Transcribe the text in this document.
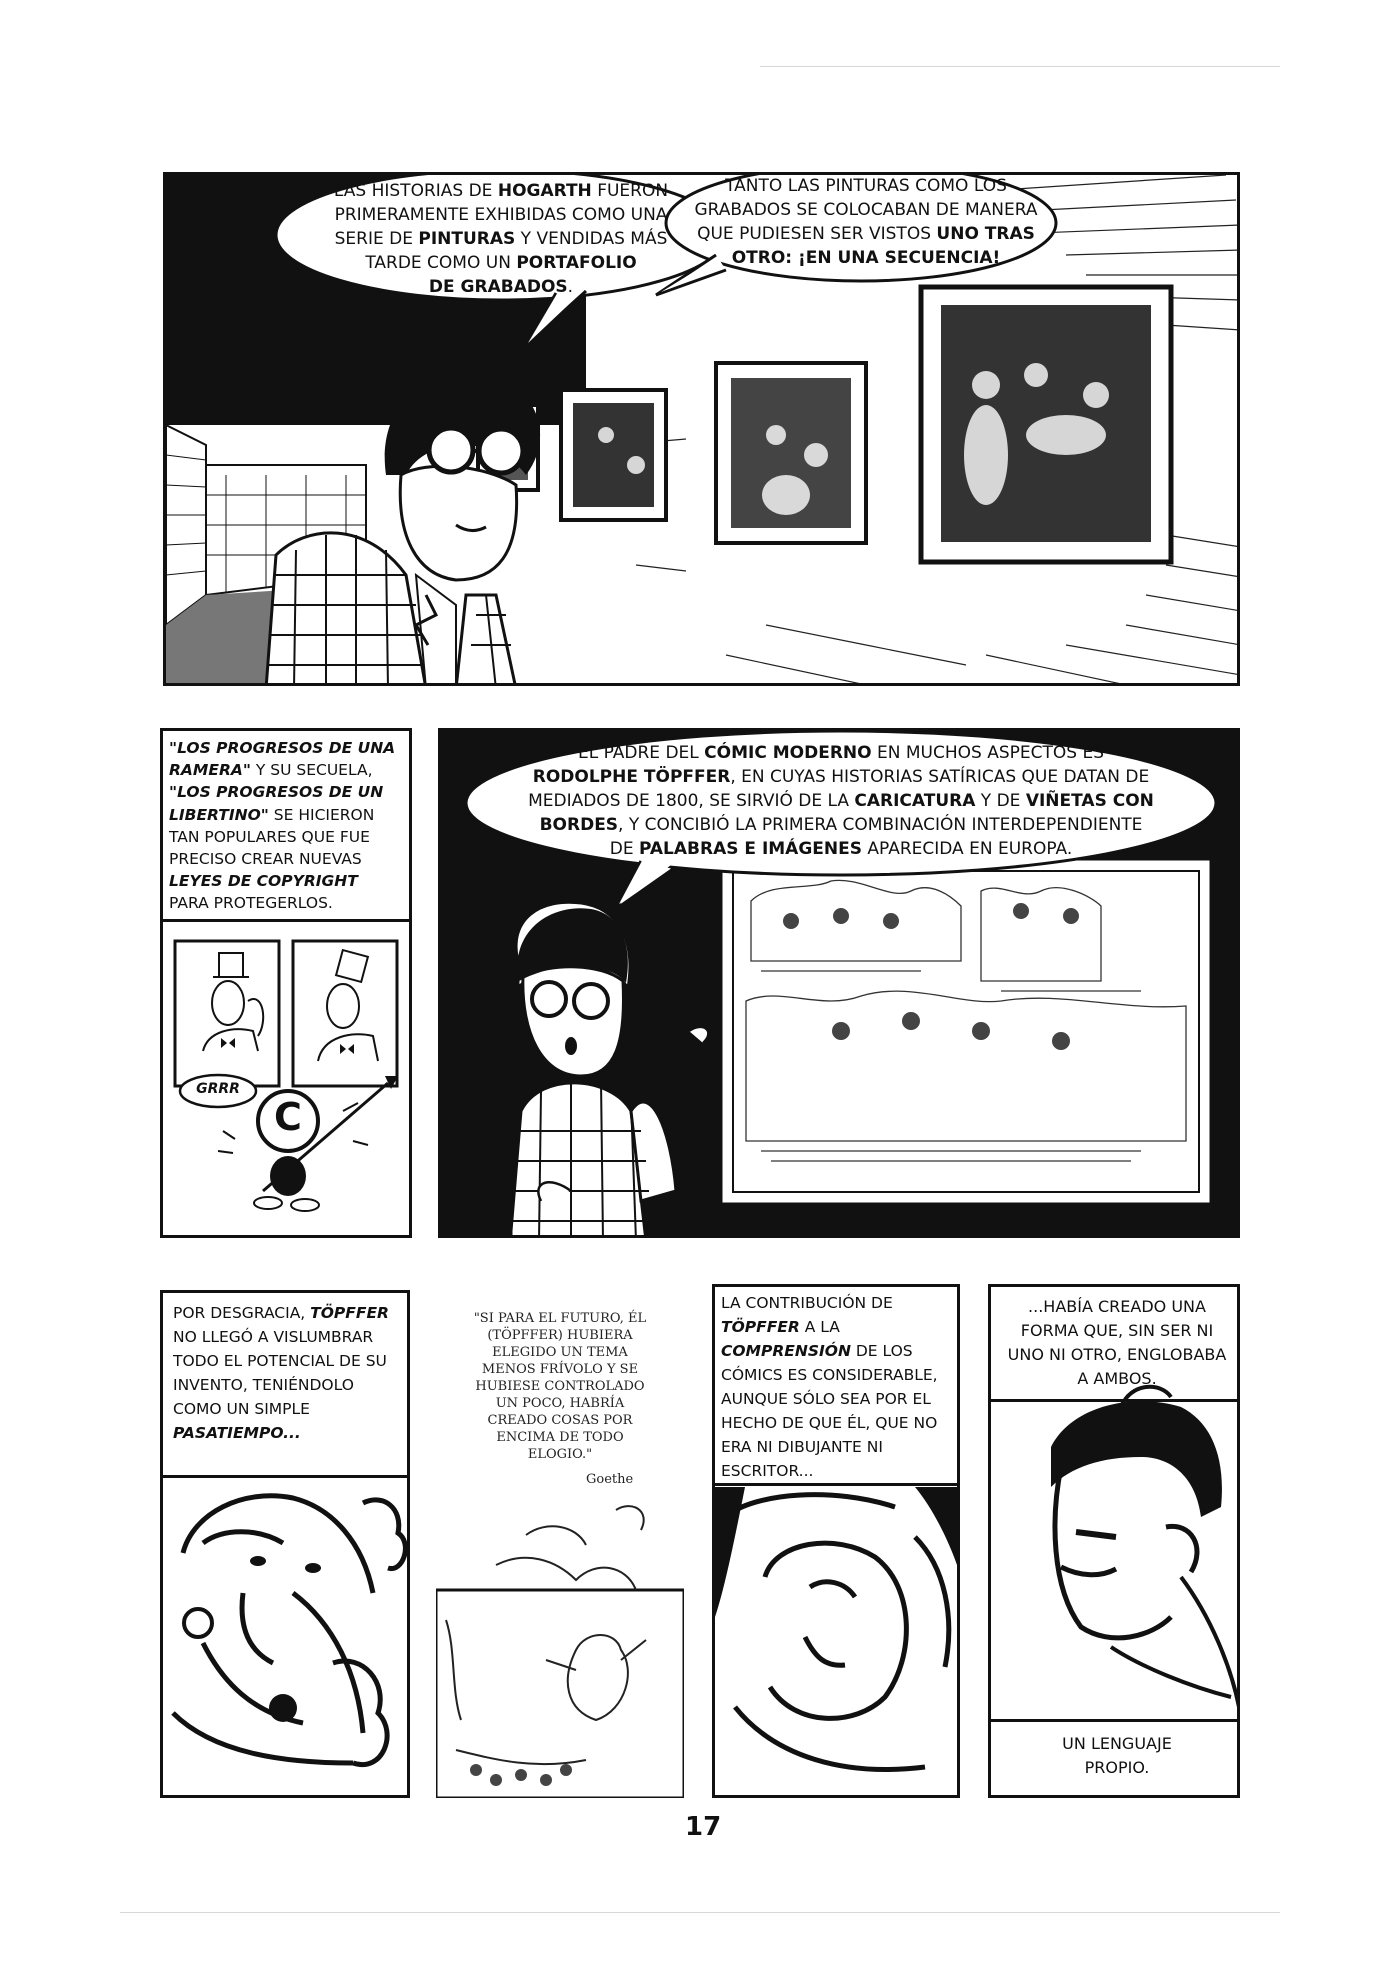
LAS HISTORIAS DE HOGARTH FUERON
PRIMERAMENTE EXHIBIDAS COMO UNA
SERIE DE PINTURAS Y VENDIDAS MÁS
TARDE COMO UN PORTAFOLIO
DE GRABADOS.
TANTO LAS PINTURAS COMO LOS
GRABADOS SE COLOCABAN DE MANERA
QUE PUDIESEN SER VISTOS UNO TRAS
OTRO: ¡EN UNA SECUENCIA!
"LOS PROGRESOS DE UNA
RAMERA" Y SU SECUELA,
"LOS PROGRESOS DE UN
LIBERTINO" SE HICIERON
TAN POPULARES QUE FUE
PRECISO CREAR NUEVAS
LEYES DE COPYRIGHT
PARA PROTEGERLOS.
GRRR
C
EL PADRE DEL CÓMIC MODERNO EN MUCHOS ASPECTOS ES
RODOLPHE TÖPFFER, EN CUYAS HISTORIAS SATÍRICAS QUE DATAN DE
MEDIADOS DE 1800, SE SIRVIÓ DE LA CARICATURA Y DE VIÑETAS CON
BORDES, Y CONCIBIÓ LA PRIMERA COMBINACIÓN INTERDEPENDIENTE
DE PALABRAS E IMÁGENES APARECIDA EN EUROPA.
POR DESGRACIA, TÖPFFER
NO LLEGÓ A VISLUMBRAR
TODO EL POTENCIAL DE SU
INVENTO, TENIÉNDOLO
COMO UN SIMPLE
PASATIEMPO...
"SI PARA EL FUTURO, ÉL
(TÖPFFER) HUBIERA
ELEGIDO UN TEMA
MENOS FRÍVOLO Y SE
HUBIESE CONTROLADO
UN POCO, HABRÍA
CREADO COSAS POR
ENCIMA DE TODO
ELOGIO."
Goethe
LA CONTRIBUCIÓN DE
TÖPFFER A LA
COMPRENSIÓN DE LOS
CÓMICS ES CONSIDERABLE,
AUNQUE SÓLO SEA POR EL
HECHO DE QUE ÉL, QUE NO
ERA NI DIBUJANTE NI
ESCRITOR...
...HABÍA CREADO UNA
FORMA QUE, SIN SER NI
UNO NI OTRO, ENGLOBABA
A AMBOS.
UN LENGUAJE
PROPIO.
17
